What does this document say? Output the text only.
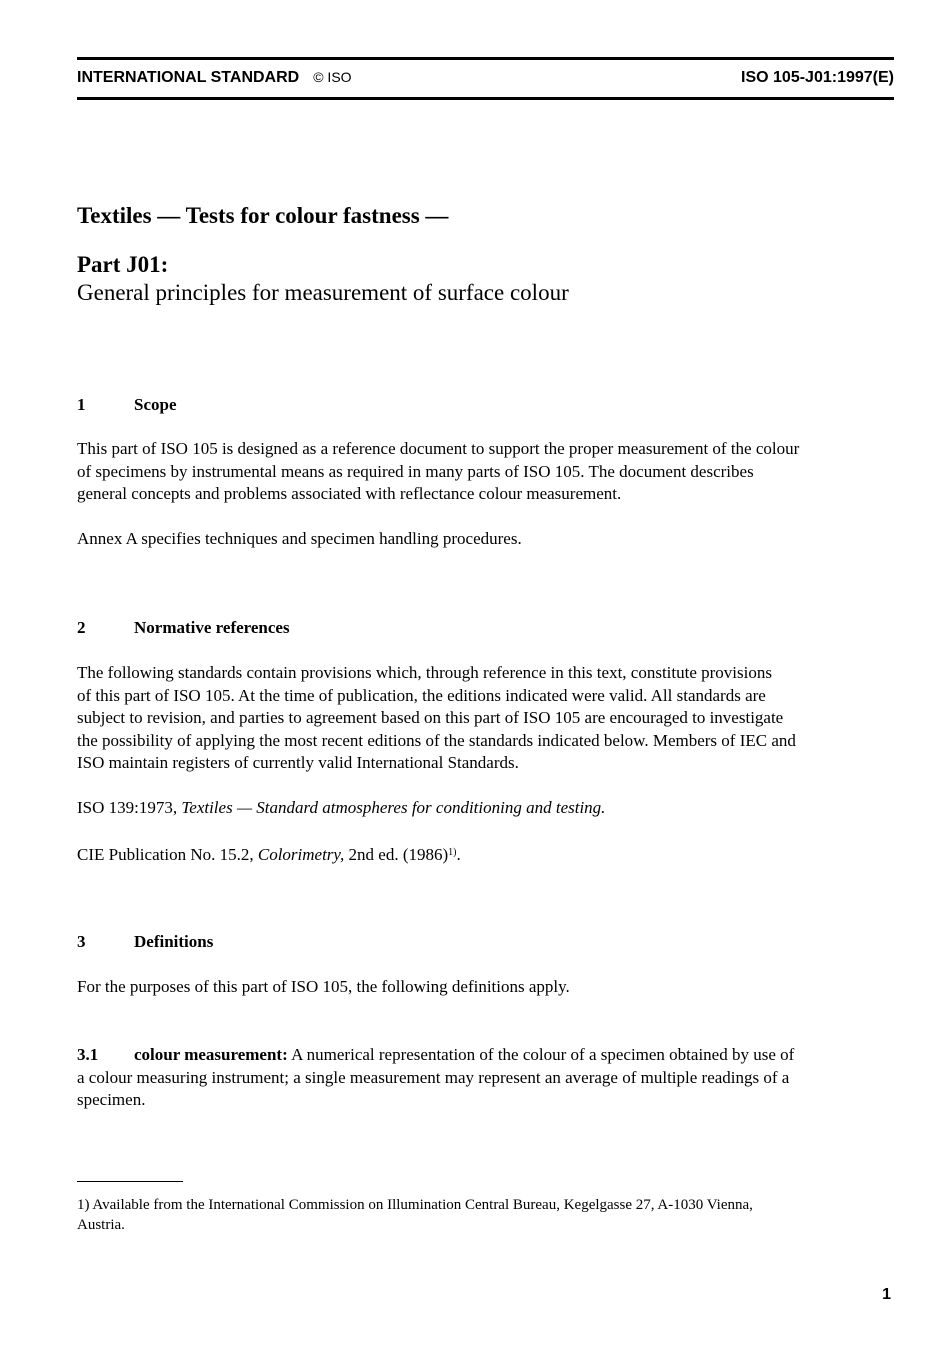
INTERNATIONAL STANDARD © ISO	ISO 105-J01:1997(E)
Textiles — Tests for colour fastness —
Part J01:
General principles for measurement of surface colour
1	Scope
This part of ISO 105 is designed as a reference document to support the proper measurement of the colour
of specimens by instrumental means as required in many parts of ISO 105. The document describes
general concepts and problems associated with reflectance colour measurement.
Annex A specifies techniques and specimen handling procedures.
2	Normative references
The following standards contain provisions which, through reference in this text, constitute provisions
of this part of ISO 105. At the time of publication, the editions indicated were valid. All standards are
subject to revision, and parties to agreement based on this part of ISO 105 are encouraged to investigate
the possibility of applying the most recent editions of the standards indicated below. Members of IEC and
ISO maintain registers of currently valid International Standards.
ISO 139:1973, Textiles — Standard atmospheres for conditioning and testing.
CIE Publication No. 15.2, Colorimetry, 2nd ed. (1986)$^{1)}$.
3	Definitions
For the purposes of this part of ISO 105, the following definitions apply.
3.1 colour measurement: A numerical representation of the colour of a specimen obtained by use of
a colour measuring instrument; a single measurement may represent an average of multiple readings of a
specimen.
1) Available from the International Commission on Illumination Central Bureau, Kegelgasse 27, A-1030 Vienna,
Austria.
1
